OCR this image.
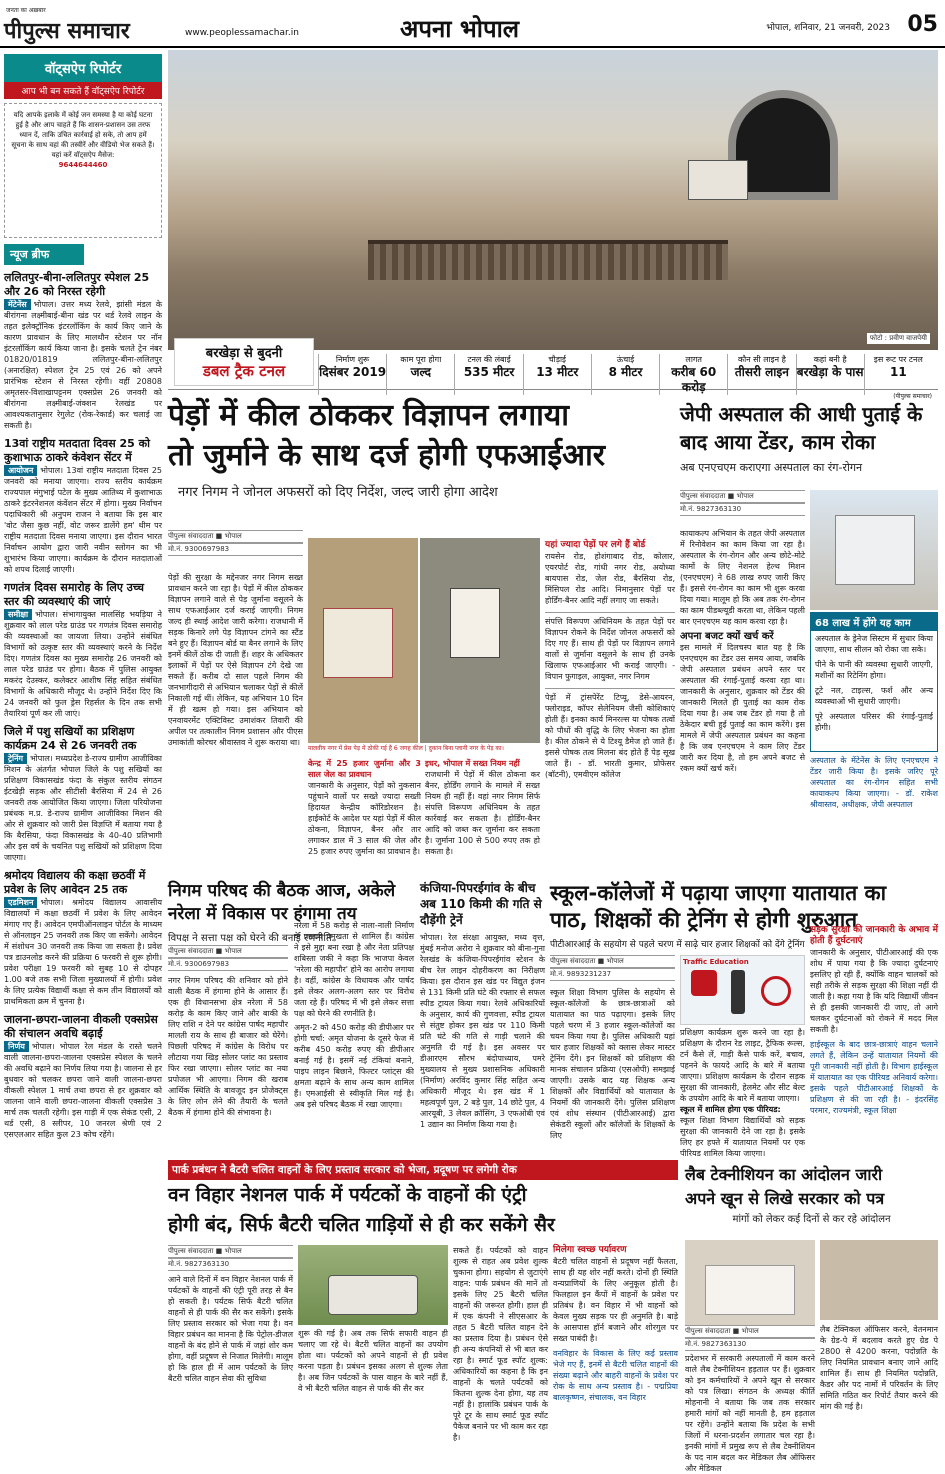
जनता का अख़बार
पीपुल्स समाचार	www.peoplessamachar.in	अपना भोपाल	भोपाल, शनिवार, 21 जनवरी, 2023 05
वॉट्सऐप रिपोर्टर
आप भी बन सकते हैं वॉट्सऐप रिपोर्टर
यदि आपके इलाके में कोई जन समस्या है या कोई घटना हुई है और आप चाहते हैं कि शासन-प्रशासन उस तरफ ध्यान दें, ताकि उचित कार्रवाई हो सके, तो आप हमें सूचना के साथ वहां की तस्वीरें और वीडियो भेज सकते हैं। यहां करें वॉट्सऐप मैसेज:
9644644460
न्यूज ब्रीफ
ललितपुर-बीना-ललितपुर स्पेशल 25 और 26 को निरस्त रहेगी
मेंटेनेंस भोपाल। उत्तर मध्य रेलवे, झांसी मंडल के बीरांगना लक्ष्मीबाई-बीना खंड पर थर्ड रेलवे लाइन के तहत इलेक्ट्रॉनिक इंटरलॉकिंग के कार्य किए जाने के कारण प्रावधान के लिए मालथौन स्टेशन पर नॉन इंटरलॉकिंग कार्य किया जाना है। इसके चलते ट्रेन नंबर 01820/01819 ललितपुर-बीना-ललितपुर (अनारक्षित) स्पेशल ट्रेन 25 एवं 26 को अपने प्रारंभिक स्टेशन से निरस्त रहेगी। वहीं 20808 अमृतसर-विशाखापट्टनम एक्सप्रेस 26 जनवरी को बीरांगना लक्ष्मीबाई-जंक्शन रेलखंड पर आवश्यकतानुसार रेगुलेट (रोक-रेकार्ड) कर चलाई जा सकती है।
13वां राष्ट्रीय मतदाता दिवस 25 को कुशाभाऊ ठाकरे कंवेशन सेंटर में
आयोजन भोपाल। 13वां राष्ट्रीय मतदाता दिवस 25 जनवरी को मनाया जाएगा। राज्य स्तरीय कार्यक्रम राज्यपाल मंगुभाई पटेल के मुख्य आतिथ्य में कुशाभाऊ ठाकरे इंटरनेशनल कंवेंशन सेंटर में होगा। मुख्य निर्वाचन पदाधिकारी श्री अनुपम राजन ने बताया कि इस बार 'वोट जैसा कुछ नहीं, वोट जरूर डालेंगे हम' थीम पर राष्ट्रीय मतदाता दिवस मनाया जाएगा। इस दौरान भारत निर्वाचन आयोग द्वारा जारी नवीन स्लोगन का भी शुभारंभ किया जाएगा। कार्यक्रम के दौरान मतदाताओं को शपथ दिलाई जाएगी।
गणतंत्र दिवस समारोह के लिए उच्च स्तर की व्यवस्थाएं की जाएं
समीक्षा भोपाल। संभागायुक्त मालसिंह भयड़िया ने शुक्रवार को लाल परेड ग्राउंड पर गणतंत्र दिवस समारोह की व्यवस्थाओं का जायजा लिया। उन्होंने संबंधित विभागों को उत्कृष्ट स्तर की व्यवस्थाएं करने के निर्देश दिए। गणतंत्र दिवस का मुख्य समारोह 26 जनवरी को लाल परेड ग्राउंड पर होगा। बैठक में पुलिस आयुक्त मकरंद देउस्कर, कलेक्टर आशीष सिंह सहित संबंधित विभागों के अधिकारी मौजूद थे। उन्होंने निर्देश दिए कि 24 जनवरी को फुल ड्रेस रिहर्सल के दिन तक सभी तैयारियां पूर्ण कर ली जाएं।
जिले में पशु सखियों का प्रशिक्षण कार्यक्रम 24 से 26 जनवरी तक
ट्रेनिंग भोपाल। मध्यप्रदेश डे-राज्य ग्रामीण आजीविका मिशन के अंतर्गत भोपाल जिले के पशु सखियों का प्रशिक्षण विकासखंड फंदा के संकुल स्तरीय संगठन ईटखेड़ी सड़क और सीटीसी बैरसिया में 24 से 26 जनवरी तक आयोजित किया जाएगा। जिला परियोजना प्रबंधक म.प्र. डे-राज्य ग्रामीण आजीविका मिशन की ओर से शुक्रवार को जारी प्रेस विज्ञप्ति में बताया गया है कि बैरसिया, फंदा विकासखंड के 40-40 प्रतिभागी और इस वर्ष के चयनित पशु सखियों को प्रशिक्षण दिया जाएगा।
श्रमोदय विद्यालय की कक्षा छठवीं में प्रवेश के लिए आवेदन 25 तक
एडमिशन भोपाल। श्रमोदय विद्यालय आवासीय विद्यालयों में कक्षा छठवीं में प्रवेश के लिए आवेदन मंगाए गए हैं। आवेदन एमपीऑनलाइन पोर्टल के माध्यम से ऑनलाइन 25 जनवरी तक किए जा सकेंगे। आवेदन में संशोधन 30 जनवरी तक किया जा सकता है। प्रवेश पत्र डाउनलोड करने की प्रक्रिया 6 फरवरी से शुरू होगी। प्रवेश परीक्षा 19 फरवरी को सुबह 10 से दोपहर 1.00 बजे तक सभी जिला मुख्यालयों में होगी। प्रवेश के लिए प्रत्येक विद्यार्थी कक्षा से कम तीन विद्यालयों को प्राथमिकता क्रम में चुनना है।
जालना-छपरा-जालना वीकली एक्सप्रेस की संचालन अवधि बढ़ाई
निर्णय भोपाल। भोपाल रेल मंडल के रास्ते चलने वाली जालना-छपरा-जालना एक्सप्रेस स्पेशल के चलने की अवधि बढ़ाने का निर्णय लिया गया है। जालना से हर बुधवार को चलकर छपरा जाने वाली जालना-छपरा वीकली स्पेशल 1 मार्च तथा छपरा से हर शुक्रवार को जालना जाने वाली छपरा-जालना वीकली एक्सप्रेस 3 मार्च तक चलती रहेगी। इस गाड़ी में एक सेकंड एसी, 2 थर्ड एसी, 8 स्लीपर, 10 जनरल श्रेणी एवं 2 एसएलआर सहित कुल 23 कोच रहेंगे।
फोटो : प्रवीण वाजपेयी
बरखेड़ा से बुदनी
डबल ट्रैक टनल
निर्माण शुरू
दिसंबर 2019
काम पूरा होगा
जल्द
टनल की लंबाई
535 मीटर
चौड़ाई
13 मीटर
ऊंचाई
8 मीटर
लागत
करीब 60 करोड़
कौन सी लाइन है
तीसरी लाइन
कहां बनी है
बरखेड़ा के पास
इस रूट पर टनल
11
(पीपुल्स समाचार)
पेड़ों में कील ठोककर विज्ञापन लगाया
तो जुर्माने के साथ दर्ज होगी एफआईआर
नगर निगम ने जोनल अफसरों को दिए निर्देश, जल्द जारी होगा आदेश
पीपुल्स संवाददाता ■ भोपाल
मो.नं. 9300697983
पेड़ों की सुरक्षा के मद्देनजर नगर निगम सख्त प्रावधान करने जा रहा है। पेड़ों में कील ठोककर विज्ञापन लगाने वाले से पेड़ जुर्माना वसूलने के साथ एफआईआर दर्ज कराई जाएगी। निगम जल्द ही स्थाई आदेश जारी करेगा। राजधानी में सड़क किनारे लगे पेड़ विज्ञापन टांगने का स्टैंड बने हुए हैं। विज्ञापन बोर्ड या बैनर लगाने के लिए इनमें कीलें ठोक दी जाती हैं। शहर के अधिकतर इलाकों में पेड़ों पर ऐसे विज्ञापन टंगे देखे जा सकते हैं। करीब दो साल पहले निगम की जनभागीदारी से अभियान चलाकर पेड़ों से कीलें निकाली गई थीं। लेकिन, यह अभियान 10 दिन में ही खत्म हो गया। इस अभियान को एनवायरमेंट एक्टिविस्ट उमाशंकर तिवारी की अपील पर तत्कालीन निगम प्रशासन और पीएस उमाकांती कोरचर श्रीवास्तव ने शुरू कराया था।
मालवीय नगर में प्रेस पेड़ में ठोकी गई है 6 जगह कील | दुकान बिना प्लानी नगर के पेड़ का।
केन्द्र में 25 हजार जुर्माना और 3 साल जेल का प्रावधान
जानकारी के अनुसार, पेड़ों को नुकसान पहुंचाने वालों पर सख्ते ज्यादा सख्ती हिदायत केन्द्रीय कॉरिडोरशन है। हाईकोर्ट के आदेश पर यहां पेड़ों में कील ठोकना, विज्ञापन, बैनर और तार लगाकर डाल में 3 साल की जेल और 25 हजार रुपए जुर्माना का प्रावधान है।
इधर, भोपाल में सख्त नियम नहीं
राजधानी में पेड़ों में कील ठोकना कर बैनर, होर्डिंग लगाने के मामले में सख्त नियम ही नहीं हैं। वहां नगर निगम सिर्फ संपत्ति विरूपण अधिनियम के तहत कार्रवाई कर सकता है। होर्डिंग-बैनर आदि को जब्त कर जुर्माना कर सकता है। जुर्माना 100 से 500 रुपए तक हो सकता है।
यहां ज्यादा पेड़ों पर लगे हैं बोर्ड
रायसेन रोड, होशंगाबाद रोड, कोलार, एयरपोर्ट रोड, गांधी नगर रोड, अयोध्या बायपास रोड, जेल रोड, बैरसिया रोड, मिंसिपल रोड आदि। निमानुसार पेड़ों पर होर्डिंग-बैनर आदि नहीं लगाए जा सकते।
संपत्ति विरूपण अधिनियम के तहत पेड़ों पर विज्ञापन रोकने के निर्देश जोनल अफसरों को दिए गए हैं। साथ ही पेड़ों पर विज्ञापन लगाने वालों से जुर्माना वसूलने के साथ ही उनके खिलाफ एफआईआर भी कराई जाएगी। - विपान फुगाइल, आयुक्त, नगर निगम
पेड़ों में ट्रांसपेरेंट टिप्यू, डेसे-आयरन, फ्लोराइड, कॉपर सेलेनियम जैसी कोशिकाएं होती हैं। इनका कार्य मिनरल्स या पोषक तत्वों को पौधों की वृद्धि के लिए भेजना का होता है। कील ठोकने से ये टिश्यू डैमेज हो जाते हैं। इससे पोषक तत्व मिलना बंद होते हैं पेड़ सूख जाते हैं। - डॉ. भारती कुमार, प्रोफेसर (बॉटनी), एमवीएम कॉलेज
जेपी अस्पताल की आधी पुताई के बाद आया टेंडर, काम रोका
अब एनएचएम कराएगा अस्पताल का रंग-रोगन
पीपुल्स संवाददाता ■ भोपाल
मो.नं. 9827363130
कायाकल्प अभियान के तहत जेपी अस्पताल में रिनोवेशन का काम किया जा रहा है। अस्पताल के रंग-रोगन और अन्य छोटे-मोटे कामों के लिए नेशनल हेल्थ मिशन (एनएचएम) ने 68 लाख रुपए जारी किए हैं। इससे रंग-रोगन का काम भी शुरू करवा दिया गया। मालूम हो कि अब तक रंग-रोगन का काम पीडब्ल्यूडी करता था, लेकिन पहली बार एनएचएम यह काम करवा रहा है।
अपना बजट क्यों खर्च करें
इस मामले में दिलचस्प बात यह है कि एनएचएम का टेंडर उस समय आया, जबकि जेपी अस्पताल प्रबंधन अपने स्तर पर अस्पताल की रंगाई-पुताई करवा रहा था। जानकारी के अनुसार, शुक्रवार को टेंडर की जानकारी मिलते ही पुताई का काम रोक दिया गया है। अब जब टेंडर हो गया है तो ठेकेदार बची हुई पुताई का काम करेंगे। इस मामले में जेपी अस्पताल प्रबंधन का कहना है कि जब एनएचएम ने काम लिए टेंडर जारी कर दिया है, तो हम अपने बजट से रकम क्यों खर्च करें।
68 लाख में होंगे यह काम
अस्पताल के ड्रेनेज सिस्टम में सुधार किया जाएगा, साथ सीलन को रोका जा सके।
पीने के पानी की व्यवस्था सुधारी जाएगी, मशीनों का रिटेनिंग होगा।
टूटे नल, टाइल्स, फर्श और अन्य व्यवस्थाओं भी सुधारी जाएगी।
पूरे अस्पताल परिसर की रंगाई-पुताई होगी।
अस्पताल के मेंटेनेंस के लिए एनएचएम ने टेंडर जारी किया है। इसके जरिए पूरे अस्पताल का रंग-रोगन सहित सभी कायाकल्प किया जाएगा। - डॉ. राकेश श्रीवास्तव, अधीक्षक, जेपी अस्पताल
निगम परिषद की बैठक आज, अकेले नरेला में विकास पर हंगामा तय
विपक्ष ने सत्ता पक्ष को घेरने की बनाई रणनीति
पीपुल्स संवाददाता ■ भोपाल
मो.नं. 9300697983
नगर निगम परिषद की शनिवार को होने वाली बैठक में हंगामा होने के आसार हैं। एक ही विधानसभा क्षेत्र नरेला में 58 करोड़ के काम किए जाने और बाकी के लिए राशि न देने पर कांग्रेस पार्षद महापौर मालती राय के साथ ही बाजार को घेरेंगे। पिछली परिषद में कांग्रेस के विरोध पर लौटाया गया खिड़ सोलर प्लांट का प्रस्ताव फिर रखा जाएगा। सोलर प्लांट का नया प्रपोजल भी आएगा। निगम की खराब आर्थिक स्थिति के बावजूद इन प्रोजेक्ट्स के लिए लोन लेने की तैयारी के चलते बैठक में हंगामा होने की संभावना है।
नरेला में 58 करोड़ से नाला-नाली निर्माण के प्रस्ताव प्रमुखता से शामिल हैं। कांग्रेस ने इसे मुद्दा बना रखा है और नेता प्रतिपक्ष शबिस्ता जकी ने कहा कि भाजपा केवल 'नरेला की महापौर' होने का आरोप लगाया है। वहीं, कांग्रेस के विधायक और पार्षद इसे लेकर अलग-अलग स्तर पर विरोध जता रहे हैं। परिषद में भी इसे लेकर सत्ता पक्ष को घेरने की रणनीति है।
अमृत-2 को 450 करोड़ की डीपीआर पर होगी चर्चा: अमृत योजना के दूसरे फेज में करीब 450 करोड़ रुपए की डीपीआर बनाई गई है। इसमें नई टंकियां बनाने, पाइप लाइन बिछाने, फिल्टर प्लांट्स की क्षमता बढ़ाने के साथ अन्य काम शामिल हैं। एमआईसी से स्वीकृति मिल गई है। अब इसे परिषद बैठक में रखा जाएगा।
कंजिया-पिपरईगांव के बीच अब 110 किमी की गति से दौड़ेंगी ट्रेनें
भोपाल। रेल संरक्षा आयुक्त, मध्य वृत्त, मुंबई मनोज अरोरा ने शुक्रवार को बीना-गुना रेलखंड के कंजिया-पिपरईगांव स्टेशन के बीच रेल लाइन दोहरीकरण का निरीक्षण किया। इस दौरान इस खंड पर विद्युत इंजन से 131 किमी प्रति घंटे की रफ्तार से सफल स्पीड ट्रायल किया गया। रेलवे अधिकारियों के अनुसार, कार्य की गुणवत्ता, स्पीड ट्रायल से संतुष्ट होकर इस खंड पर 110 किमी प्रति घंटे की गति से गाड़ी चलाने की अनुमति दी गई है। इस अवसर पर डीआरएम सौरभ बंदोपाध्याय, पमरे मुख्यालय से मुख्य प्रशासनिक अधिकारी (निर्माण) अरविंद कुमार सिंह सहित अन्य अधिकारी मौजूद थे। इस खंड में 1 महत्वपूर्ण पुल, 2 बड़े पुल, 14 छोटे पुल, 4 आरयूबी, 3 लेवल क्रॉसिंग, 3 एफओबी एवं 1 उद्यान का निर्माण किया गया है।
स्कूल-कॉलेजों में पढ़ाया जाएगा यातायात का
पाठ, शिक्षकों की ट्रेनिंग से होगी शुरुआत
पीटीआरआई के सहयोग से पहले चरण में साढ़े चार हजार शिक्षकों को देंगे ट्रेनिंग
पीपुल्स संवाददाता ■ भोपाल
मो.नं. 9893231237
स्कूल शिक्षा विभाग पुलिस के सहयोग से स्कूल-कॉलेजों के छात्र-छात्राओं को यातायात का पाठ पढ़ाएगा। इसके लिए पहले चरण में 3 हजार स्कूल-कॉलेजों का चयन किया गया है। पुलिस अधिकारी यहां चार हजार शिक्षकों को क्लास लेकर मास्टर ट्रेनिंग देंगे। इन शिक्षकों को प्रशिक्षण की मानक संचालन प्रक्रिया (एसओपी) समझाई जाएगी। उसके बाद यह शिक्षक अन्य शिक्षकों और विद्यार्थियों को यातायात के नियमों की जानकारी देंगे। पुलिस प्रशिक्षण एवं शोध संस्थान (पीटीआरआई) द्वारा सेकंडरी स्कूलों और कॉलेजों के शिक्षकों के लिए
Traffic Education
प्रशिक्षण कार्यक्रम शुरू करने जा रहा है। प्रशिक्षण के दौरान रेड लाइट, ट्रैफिक रूल्स, टर्न कैसे लें, गाड़ी कैसे पार्क करें, बचाव, पहनने के फायदे आदि के बारे में बताया जाएगा। प्रशिक्षण कार्यक्रम के दौरान सड़क सुरक्षा की जानकारी, हेलमेट और सीट बेल्ट के उपयोग आदि के बारे में बताया जाएगा।
स्कूल में शामिल होगा एक पीरियड:
स्कूल शिक्षा विभाग विद्यार्थियों को सड़क सुरक्षा की जानकारी देने जा रहा है। इसके लिए हर हफ्ते में यातायात नियमों पर एक पीरियड शामिल किया जाएगा।
सड़क सुरक्षा की जानकारी के अभाव में होती हैं दुर्घटनाएं
जानकारी के अनुसार, पीटीआरआई की एक शोध में पाया गया है कि ज्यादा दुर्घटनाएं इसलिए हो रही हैं, क्योंकि वाहन चालकों को सही तरीके से सड़क सुरक्षा की शिक्षा नहीं दी जाती है। कहा गया है कि यदि विद्यार्थी जीवन से ही इसकी जानकारी दी जाए, तो आगे चलकर दुर्घटनाओं को रोकने में मदद मिल सकती है।
हाईस्कूल के बाद छात्र-छात्राएं वाहन चलाने लगते हैं, लेकिन उन्हें यातायात नियमों की पूरी जानकारी नहीं होती है। विभाग हाईस्कूल में यातायात का एक पीरियड अनिवार्य करेगा। इसके पहले पीटीआरआई शिक्षकों के प्रशिक्षण से की जा रही है। - इंदरसिंह परमार, राज्यमंत्री, स्कूल शिक्षा
पार्क प्रबंधन ने बैटरी चलित वाहनों के लिए प्रस्ताव सरकार को भेजा, प्रदूषण पर लगेगी रोक
वन विहार नेशनल पार्क में पर्यटकों के वाहनों की एंट्री
होगी बंद, सिर्फ बैटरी चलित गाड़ियों से ही कर सकेंगे सैर
पीपुल्स संवाददाता ■ भोपाल
मो.नं. 9827363130
आने वाले दिनों में वन विहार नेशनल पार्क में पर्यटकों के वाहनों की एंट्री पूरी तरह से बैन हो सकती है। पर्यटक सिर्फ बैटरी चलित वाहनों से ही पार्क की सैर कर सकेंगे। इसके लिए प्रस्ताव सरकार को भेजा गया है। वन विहार प्रबंधन का मानना है कि पेट्रोल-डीजल वाहनों के बंद होने से पार्क में जहां शोर कम होगा, वहीं प्रदूषण से निजात मिलेगी। मालूम हो कि हाल ही में आम पर्यटकों के लिए बैटरी चलित वाहन सेवा की सुविधा
शुरू की गई है। अब तक सिर्फ सफारी वाहन ही चलाए जा रहे थे। बैटरी चलित वाहनों का उपयोग होता था। पर्यटकों को अपने वाहनों से ही प्रवेश करना पड़ता है। प्रबंधन इसका अलग से शुल्क लेता है। अब जिन पर्यटकों के पास वाहन के बारे नहीं हैं, वे भी बैटरी चलित वाहन से पार्क की सैर कर
सकते हैं। पर्यटकों को वाहन शुल्क से राहत अब प्रवेश शुल्क चुकाना होगा। सहयोग से जुटाएंगे वाहन: पार्क प्रबंधन की मानें तो इसके लिए 25 बैटरी चलित वाहनों की जरूरत होगी। हाल ही में एक कंपनी ने सीएसआर के तहत 5 बैटरी चलित वाहन देने का प्रस्ताव दिया है। प्रबंधन ऐसे ही अन्य कंपनियों से भी बात कर रहा है। स्मार्ट फूड स्पॉट शुल्क: अधिकारियों का कहना है कि इन वाहनों के चलते पर्यटकों को कितना शुल्क देना होगा, यह तय नहीं है। हालांकि प्रबंधन पार्क के पूरे टूर के साथ स्मार्ट फूड स्पॉट पैकेज बनाने पर भी काम कर रहा है।
मिलेगा स्वच्छ पर्यावरण
बैटरी चलित वाहनों से प्रदूषण नहीं फैलता, साथ ही यह शोर नहीं करते। दोनों ही स्थिति वन्यप्राणियों के लिए अनुकूल होती है। फिलहाल इन कैंपों में वाहनों के प्रवेश पर प्रतिबंध है। वन विहार में भी वाहनों को केवल मुख्य सड़क पर ही अनुमति है। बाड़े के आसपास हॉर्न बजाने और शोरगुल पर सख्त पाबंदी है।
वनविहार के विकास के लिए कई प्रस्ताव भेजे गए हैं, इनमें से बैटरी चलित वाहनों की संख्या बढ़ाने और बाहरी वाहनों के प्रवेश पर रोक के साथ अन्य प्रस्ताव है। - पद्मप्रिया बालकृष्णन, संचालक, वन विहार
लैब टेक्नीशियन का आंदोलन जारी
अपने खून से लिखे सरकार को पत्र
मांगों को लेकर कई दिनों से कर रहे आंदोलन
पीपुल्स संवाददाता ■ भोपाल
मो.नं. 9827363130
प्रदेशभर में सरकारी अस्पतालों में काम करने वाले लैब टेक्नीशियन हड़ताल पर हैं। शुक्रवार को इन कर्मचारियों ने अपने खून से सरकार को पत्र लिखा। संगठन के अध्यक्ष कीर्ति मोहनानी ने बताया कि जब तक सरकार हमारी मांगों को नहीं मानती है, हम हड़ताल पर रहेंगे। उन्होंने बताया कि प्रदेश के सभी जिलों में धरना-प्रदर्शन लगातार चल रहा है। इनकी मांगों में प्रमुख रूप से लैब टेक्नीशियन के पद नाम बदल कर मेडिकल लैब ऑफिसर और मेडिकल
लैब टेक्निकल ऑफिसर करने, वेतनमान के ग्रेड-पे में बदलाव करते हुए ग्रेड पे 2800 से 4200 करना, पदोन्नति के लिए नियमित प्रावधान बनाए जाने आदि शामिल हैं। साथ ही नियमित पदोन्नति, कैडर और पद नामों में परिवर्तन के लिए समिति गठित कर रिपोर्ट तैयार करने की मांग की गई है।
